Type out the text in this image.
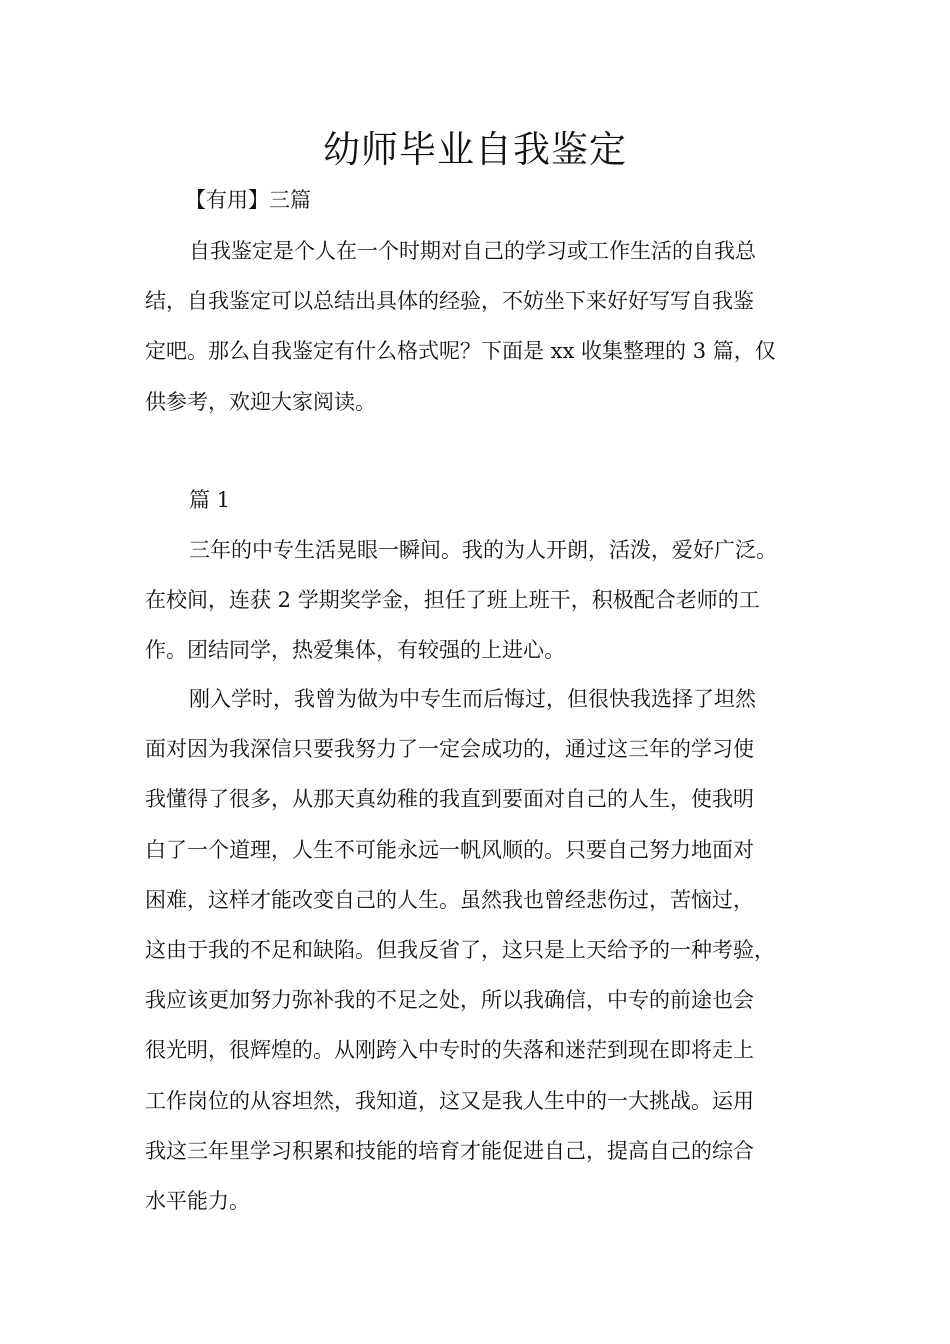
幼师毕业自我鉴定
【有用】三篇
自我鉴定是个人在一个时期对自己的学习或工作生活的自我总
结，自我鉴定可以总结出具体的经验，不妨坐下来好好写写自我鉴
定吧。那么自我鉴定有什么格式呢？下面是 xx 收集整理的 3 篇，仅
供参考，欢迎大家阅读。
篇 1
三年的中专生活晃眼一瞬间。我的为人开朗，活泼，爱好广泛。
在校间，连获 2 学期奖学金，担任了班上班干，积极配合老师的工
作。团结同学，热爱集体，有较强的上进心。
刚入学时，我曾为做为中专生而后悔过，但很快我选择了坦然
面对因为我深信只要我努力了一定会成功的，通过这三年的学习使
我懂得了很多，从那天真幼稚的我直到要面对自己的人生，使我明
白了一个道理，人生不可能永远一帆风顺的。只要自己努力地面对
困难，这样才能改变自己的人生。虽然我也曾经悲伤过，苦恼过，
这由于我的不足和缺陷。但我反省了，这只是上天给予的一种考验，
我应该更加努力弥补我的不足之处，所以我确信，中专的前途也会
很光明，很辉煌的。从刚跨入中专时的失落和迷茫到现在即将走上
工作岗位的从容坦然，我知道，这又是我人生中的一大挑战。运用
我这三年里学习积累和技能的培育才能促进自己，提高自己的综合
水平能力。
